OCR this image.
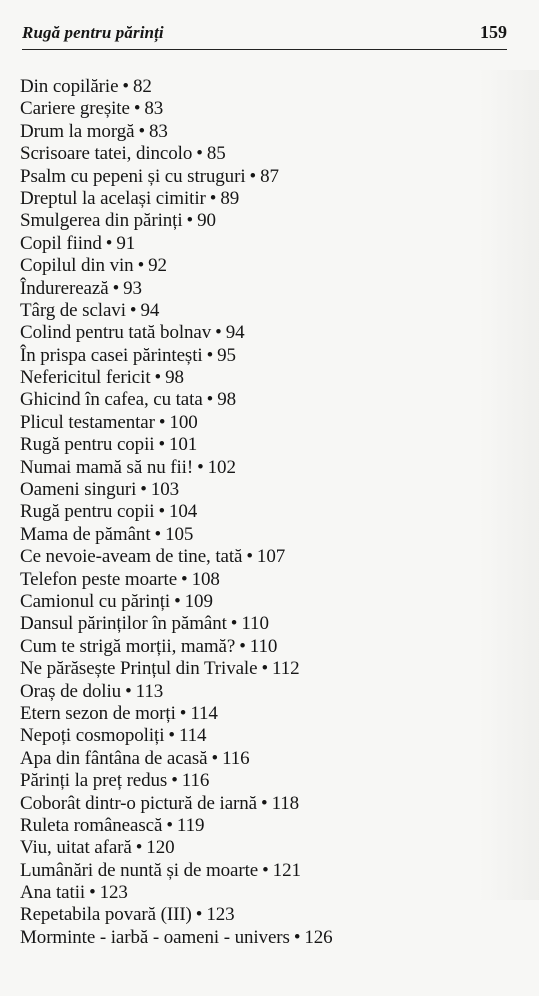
Rugă pentru părinți	159
Din copilărie • 82
Cariere greșite • 83
Drum la morgă • 83
Scrisoare tatei, dincolo • 85
Psalm cu pepeni și cu struguri • 87
Dreptul la același cimitir • 89
Smulgerea din părinți • 90
Copil fiind • 91
Copilul din vin • 92
Îndurerează • 93
Târg de sclavi • 94
Colind pentru tată bolnav • 94
În prispa casei părintești • 95
Nefericitul fericit • 98
Ghicind în cafea, cu tata • 98
Plicul testamentar • 100
Rugă pentru copii • 101
Numai mamă să nu fii! • 102
Oameni singuri • 103
Rugă pentru copii • 104
Mama de pământ • 105
Ce nevoie-aveam de tine, tată • 107
Telefon peste moarte • 108
Camionul cu părinți • 109
Dansul părinților în pământ • 110
Cum te strigă morții, mamă? • 110
Ne părăsește Prințul din Trivale • 112
Oraș de doliu • 113
Etern sezon de morți • 114
Nepoți cosmopoliți • 114
Apa din fântâna de acasă • 116
Părinți la preț redus • 116
Coborât dintr-o pictură de iarnă • 118
Ruleta românească • 119
Viu, uitat afară • 120
Lumânări de nuntă și de moarte • 121
Ana tatii • 123
Repetabila povară (III) • 123
Morminte - iarbă - oameni - univers • 126
